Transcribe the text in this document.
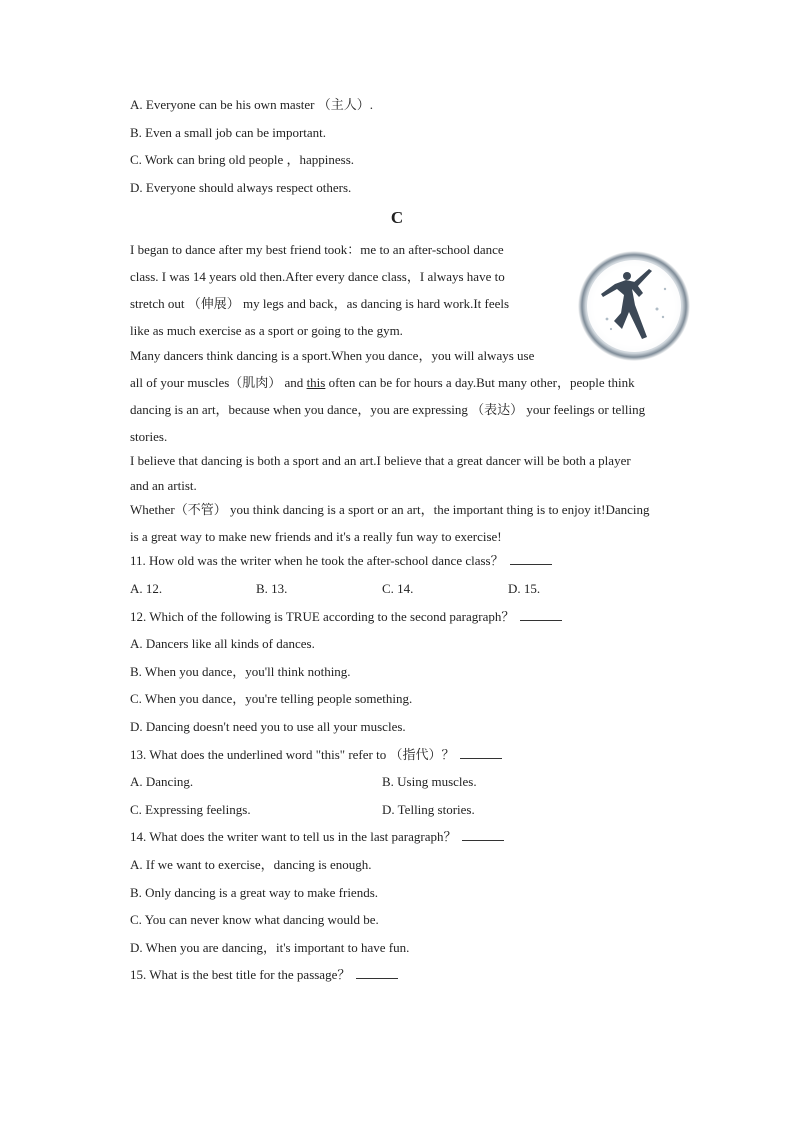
A. Everyone can be his own master （主人）.
B. Even a small job can be important.
C. Work can bring old people ，happiness.
D. Everyone should always respect others.
C
I began to dance after my best friend took：me to an after-school dance
class. I was 14 years old then.After every dance class，I always have to
stretch out （伸展） my legs and back，as dancing is hard work.It feels
like as much exercise as a sport or going to the gym.
Many dancers think dancing is a sport.When you dance，you will always use
all of your muscles（肌肉） and this often can be for hours a day.But many other，people think
dancing is an art，because when you dance，you are expressing （表达） your feelings or telling
stories.
I believe that dancing is both a sport and an art.I believe that a great dancer will be both a player
and an artist.
Whether（不管） you think dancing is a sport or an art，the important thing is to enjoy it!Dancing
is a great way to make new friends and it's a really fun way to exercise!
11. How old was the writer when he took the after-school dance class？
A. 12.	B. 13.	C. 14.	D. 15.
12. Which of the following is TRUE according to the second paragraph？
A. Dancers like all kinds of dances.
B. When you dance，you'll think nothing.
C. When you dance，you're telling people something.
D. Dancing doesn't need you to use all your muscles.
13. What does the underlined word "this" refer to （指代）？
A. Dancing.	B. Using muscles.
C. Expressing feelings.	D. Telling stories.
14. What does the writer want to tell us in the last paragraph？
A. If we want to exercise，dancing is enough.
B. Only dancing is a great way to make friends.
C. You can never know what dancing would be.
D. When you are dancing，it's important to have fun.
15. What is the best title for the passage？
